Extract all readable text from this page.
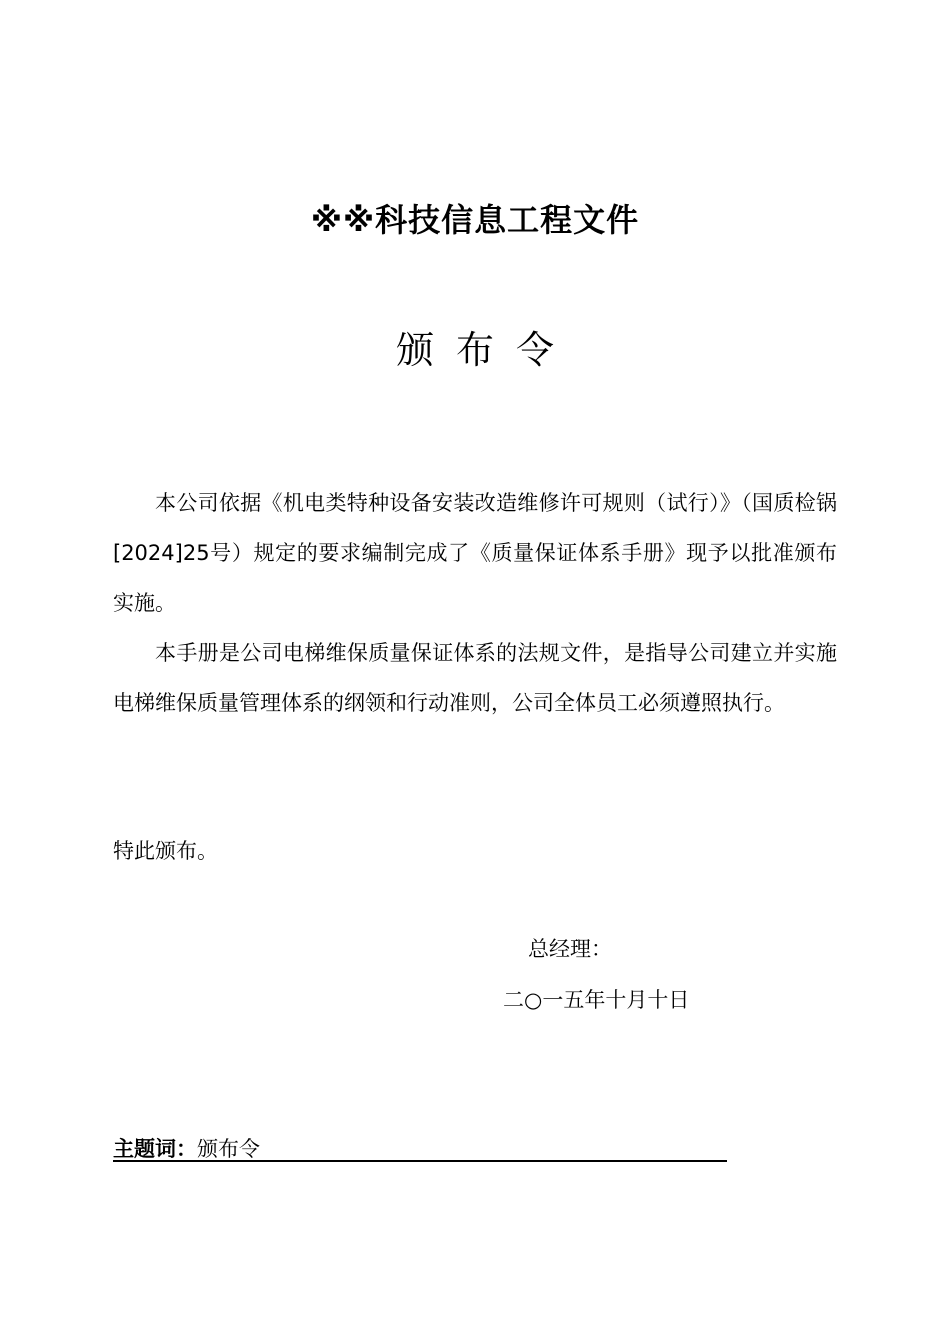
※※科技信息工程文件
颁布令

本公司依据《机电类特种设备安装改造维修许可规则（试行）》（国质检锅[2024]25号）规定的要求编制完成了《质量保证体系手册》现予以批准颁布实施。

本手册是公司电梯维保质量保证体系的法规文件，是指导公司建立并实施电梯维保质量管理体系的纲领和行动准则，公司全体员工必须遵照执行。

特此颁布。
总经理：
二○一五年十月十日
主题词：颁布令
